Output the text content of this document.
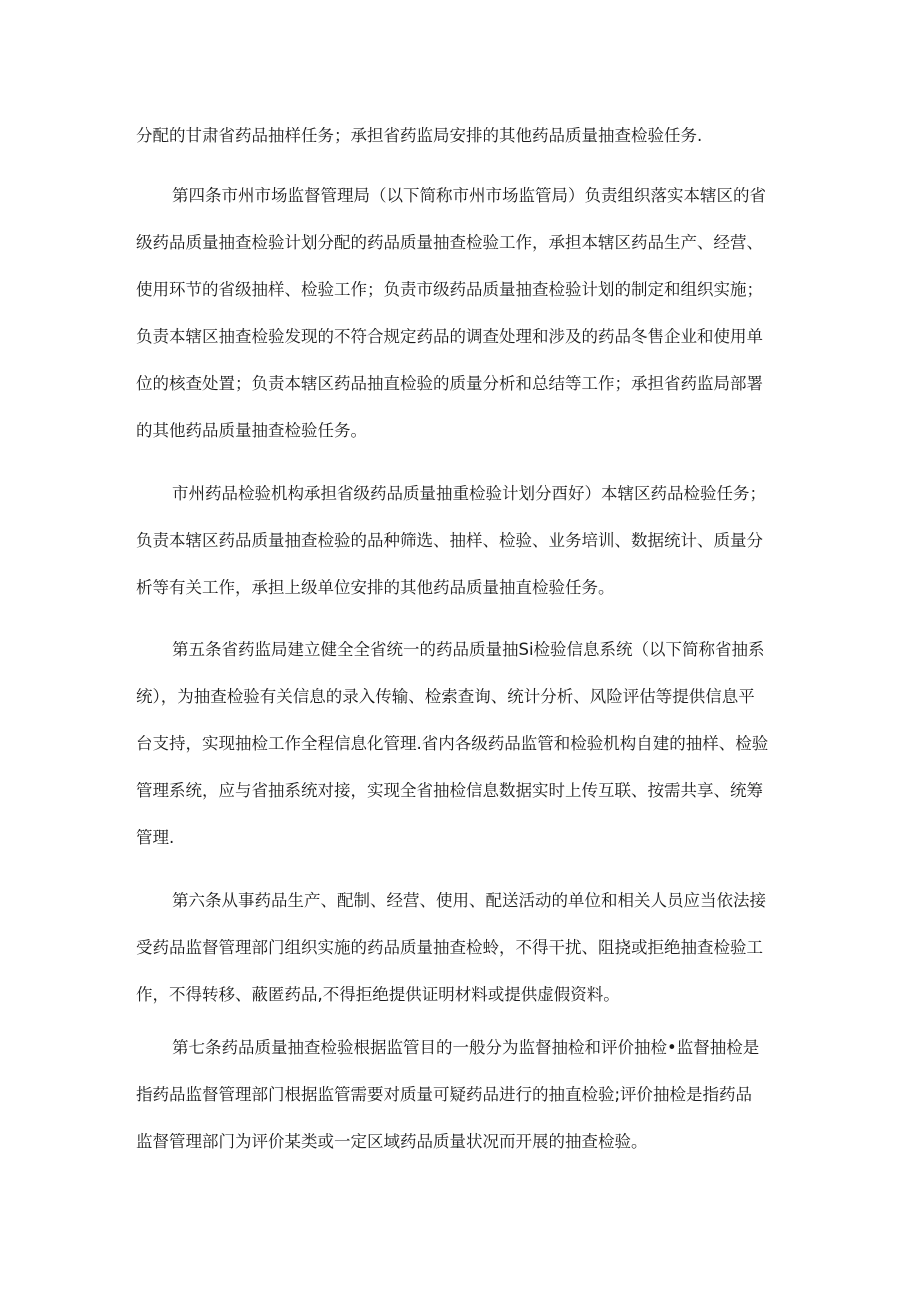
分配的甘肃省药品抽样任务；承担省药监局安排的其他药品质量抽查检验任务.

第四条市州市场监督管理局（以下简称市州市场监管局）负责组织落实本辖区的省

级药品质量抽查检验计划分配的药品质量抽查检验工作，承担本辖区药品生产、经营、

使用环节的省级抽样、检验工作；负责市级药品质量抽查检验计划的制定和组织实施；

负责本辖区抽查检验发现的不符合规定药品的调查处理和涉及的药品冬售企业和使用单

位的核查处置；负责本辖区药品抽直检验的质量分析和总结等工作；承担省药监局部署

的其他药品质量抽查检验任务。

市州药品检验机构承担省级药品质量抽重检验计划分酉好）本辖区药品检验任务；

负责本辖区药品质量抽查检验的品种筛选、抽样、检验、业务培训、数据统计、质量分

析等有关工作，承担上级单位安排的其他药品质量抽直检验任务。

第五条省药监局建立健全全省统一的药品质量抽Si检验信息系统（以下简称省抽系

统），为抽查检验有关信息的录入传输、检索查询、统计分析、风险评估等提供信息平

台支持，实现抽检工作全程信息化管理.省内各级药品监管和检验机构自建的抽样、检验

管理系统，应与省抽系统对接，实现全省抽检信息数据实时上传互联、按需共享、统筹

管理.

第六条从事药品生产、配制、经营、使用、配送活动的单位和相关人员应当依法接

受药品监督管理部门组织实施的药品质量抽查检蛉，不得干扰、阻挠或拒绝抽查检验工

作，不得转移、蔽匿药品,不得拒绝提供证明材料或提供虚假资料。

第七条药品质量抽查检验根据监管目的一般分为监督抽检和评价抽检•监督抽检是

指药品监督管理部门根据监管需要对质量可疑药品进行的抽直检验;评价抽检是指药品

监督管理部门为评价某类或一定区域药品质量状况而开展的抽查检验。
